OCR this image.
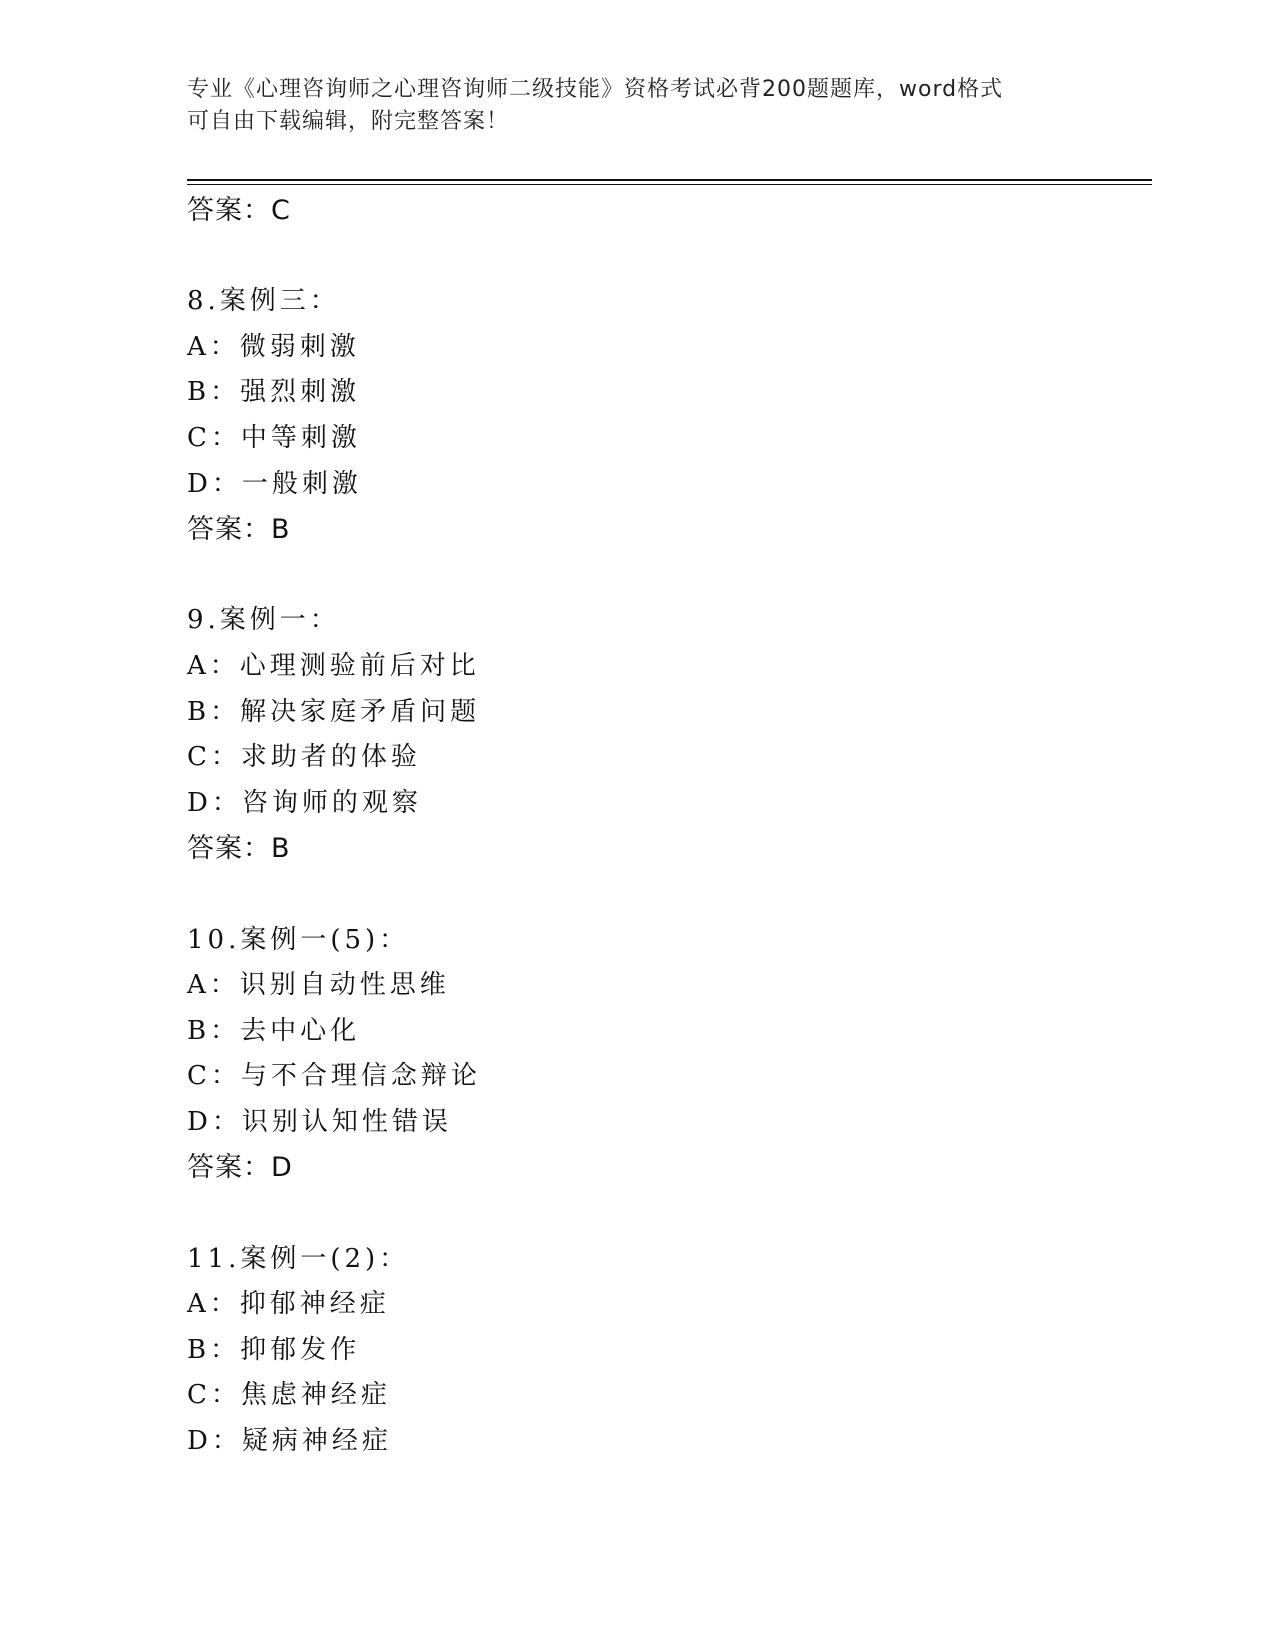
专业《心理咨询师之心理咨询师二级技能》资格考试必背200题题库，word格式
可自由下载编辑，附完整答案！
答案：C
8.案例三：
A：微弱刺激
B：强烈刺激
C：中等刺激
D：一般刺激
答案：B
9.案例一：
A：心理测验前后对比
B：解决家庭矛盾问题
C：求助者的体验
D：咨询师的观察
答案：B
10.案例一(5)：
A：识别自动性思维
B：去中心化
C：与不合理信念辩论
D：识别认知性错误
答案：D
11.案例一(2)：
A：抑郁神经症
B：抑郁发作
C：焦虑神经症
D：疑病神经症
